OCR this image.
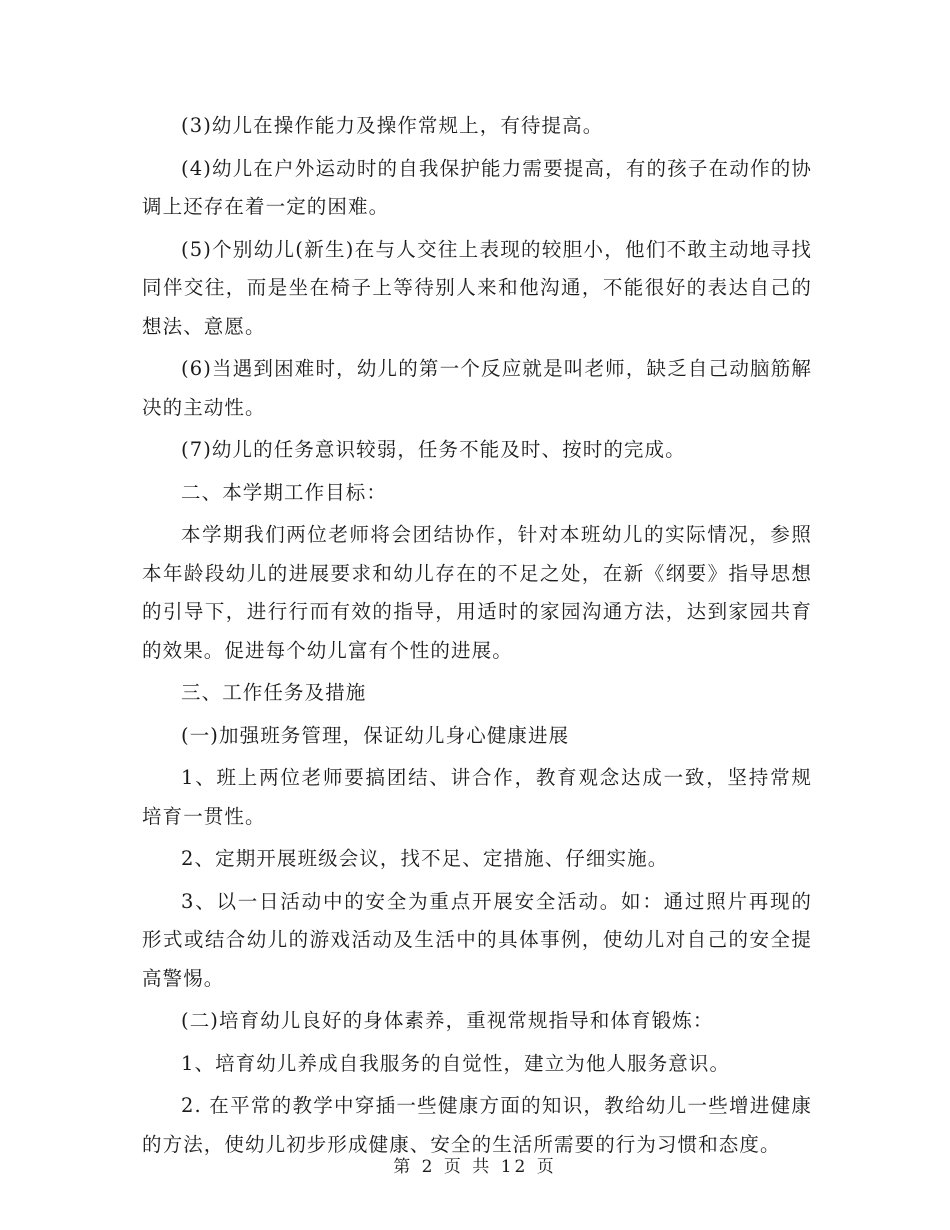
(3)幼儿在操作能力及操作常规上，有待提高。

(4)幼儿在户外运动时的自我保护能力需要提高，有的孩子在动作的协调上还存在着一定的困难。

(5)个别幼儿(新生)在与人交往上表现的较胆小，他们不敢主动地寻找同伴交往，而是坐在椅子上等待别人来和他沟通，不能很好的表达自己的想法、意愿。

(6)当遇到困难时，幼儿的第一个反应就是叫老师，缺乏自己动脑筋解决的主动性。

(7)幼儿的任务意识较弱，任务不能及时、按时的完成。

二、本学期工作目标：

本学期我们两位老师将会团结协作，针对本班幼儿的实际情况，参照本年龄段幼儿的进展要求和幼儿存在的不足之处，在新《纲要》指导思想的引导下，进行行而有效的指导，用适时的家园沟通方法，达到家园共育的效果。促进每个幼儿富有个性的进展。

三、工作任务及措施

(一)加强班务管理，保证幼儿身心健康进展

1、班上两位老师要搞团结、讲合作，教育观念达成一致，坚持常规培育一贯性。

2、定期开展班级会议，找不足、定措施、仔细实施。

3、以一日活动中的安全为重点开展安全活动。如：通过照片再现的形式或结合幼儿的游戏活动及生活中的具体事例，使幼儿对自己的安全提高警惕。

(二)培育幼儿良好的身体素养，重视常规指导和体育锻炼：

1、培育幼儿养成自我服务的自觉性，建立为他人服务意识。

2. 在平常的教学中穿插一些健康方面的知识，教给幼儿一些增进健康的方法，使幼儿初步形成健康、安全的生活所需要的行为习惯和态度。

第 2 页 共 12 页
